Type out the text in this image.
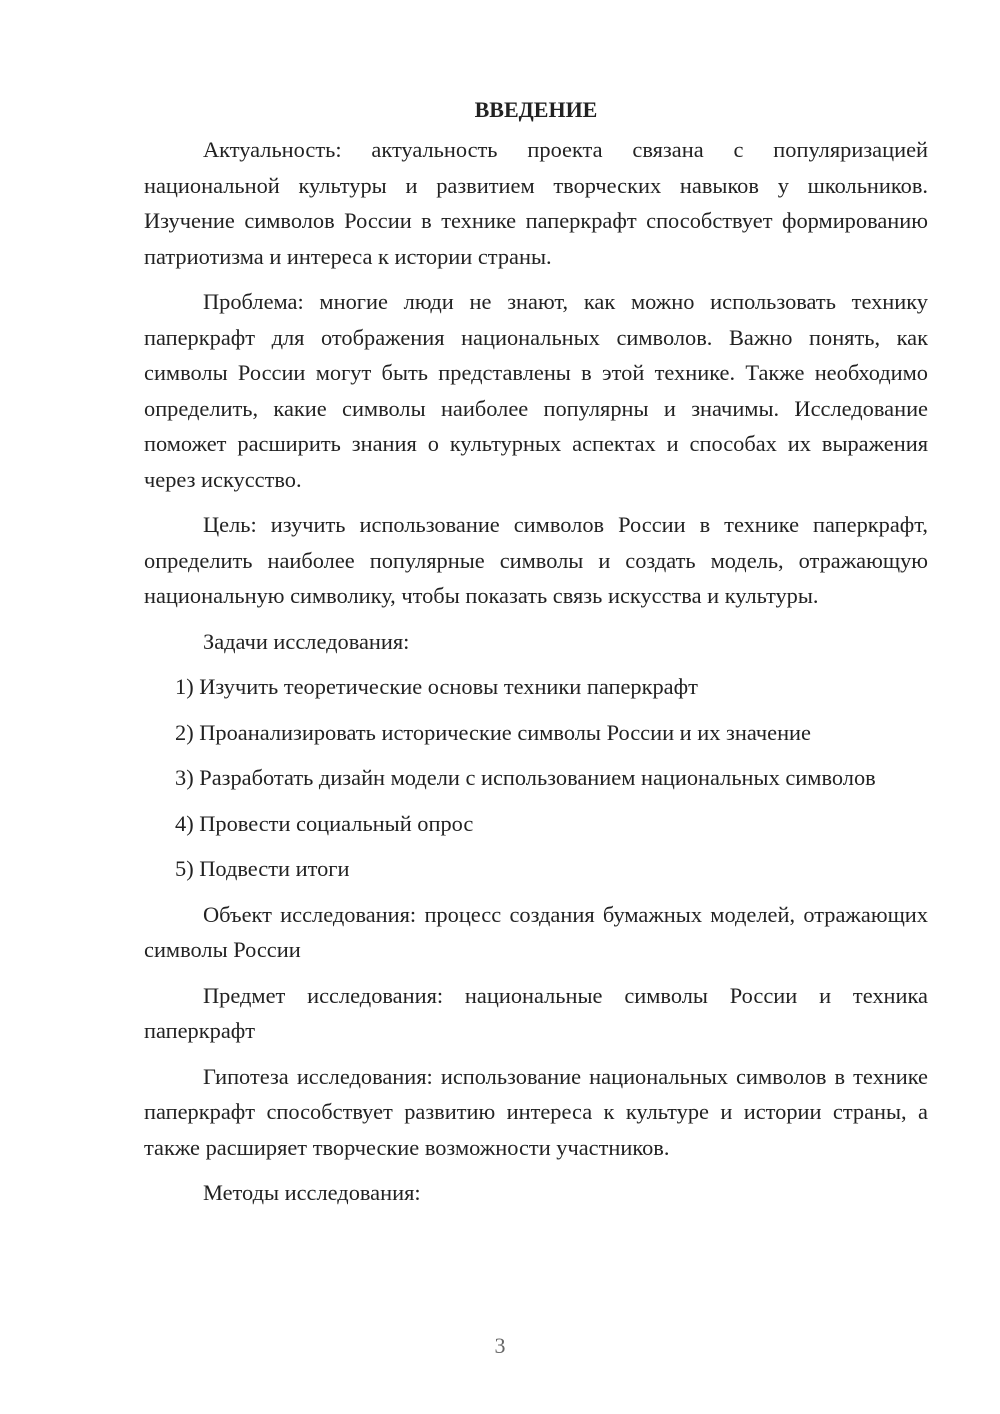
ВВЕДЕНИЕ

Актуальность: актуальность проекта связана с популяризацией национальной культуры и развитием творческих навыков у школьников. Изучение символов России в технике паперкрафт способствует формированию патриотизма и интереса к истории страны.

Проблема: многие люди не знают, как можно использовать технику паперкрафт для отображения национальных символов. Важно понять, как символы России могут быть представлены в этой технике. Также необходимо определить, какие символы наиболее популярны и значимы. Исследование поможет расширить знания о культурных аспектах и способах их выражения через искусство.

Цель: изучить использование символов России в технике паперкрафт, определить наиболее популярные символы и создать модель, отражающую национальную символику, чтобы показать связь искусства и культуры.

Задачи исследования:

1) Изучить теоретические основы техники паперкрафт

2) Проанализировать исторические символы России и их значение

3) Разработать дизайн модели с использованием национальных символов

4) Провести социальный опрос

5) Подвести итоги

Объект исследования: процесс создания бумажных моделей, отражающих символы России

Предмет исследования: национальные символы России и техника паперкрафт

Гипотеза исследования: использование национальных символов в технике паперкрафт способствует развитию интереса к культуре и истории страны, а также расширяет творческие возможности участников.

Методы исследования:

3
